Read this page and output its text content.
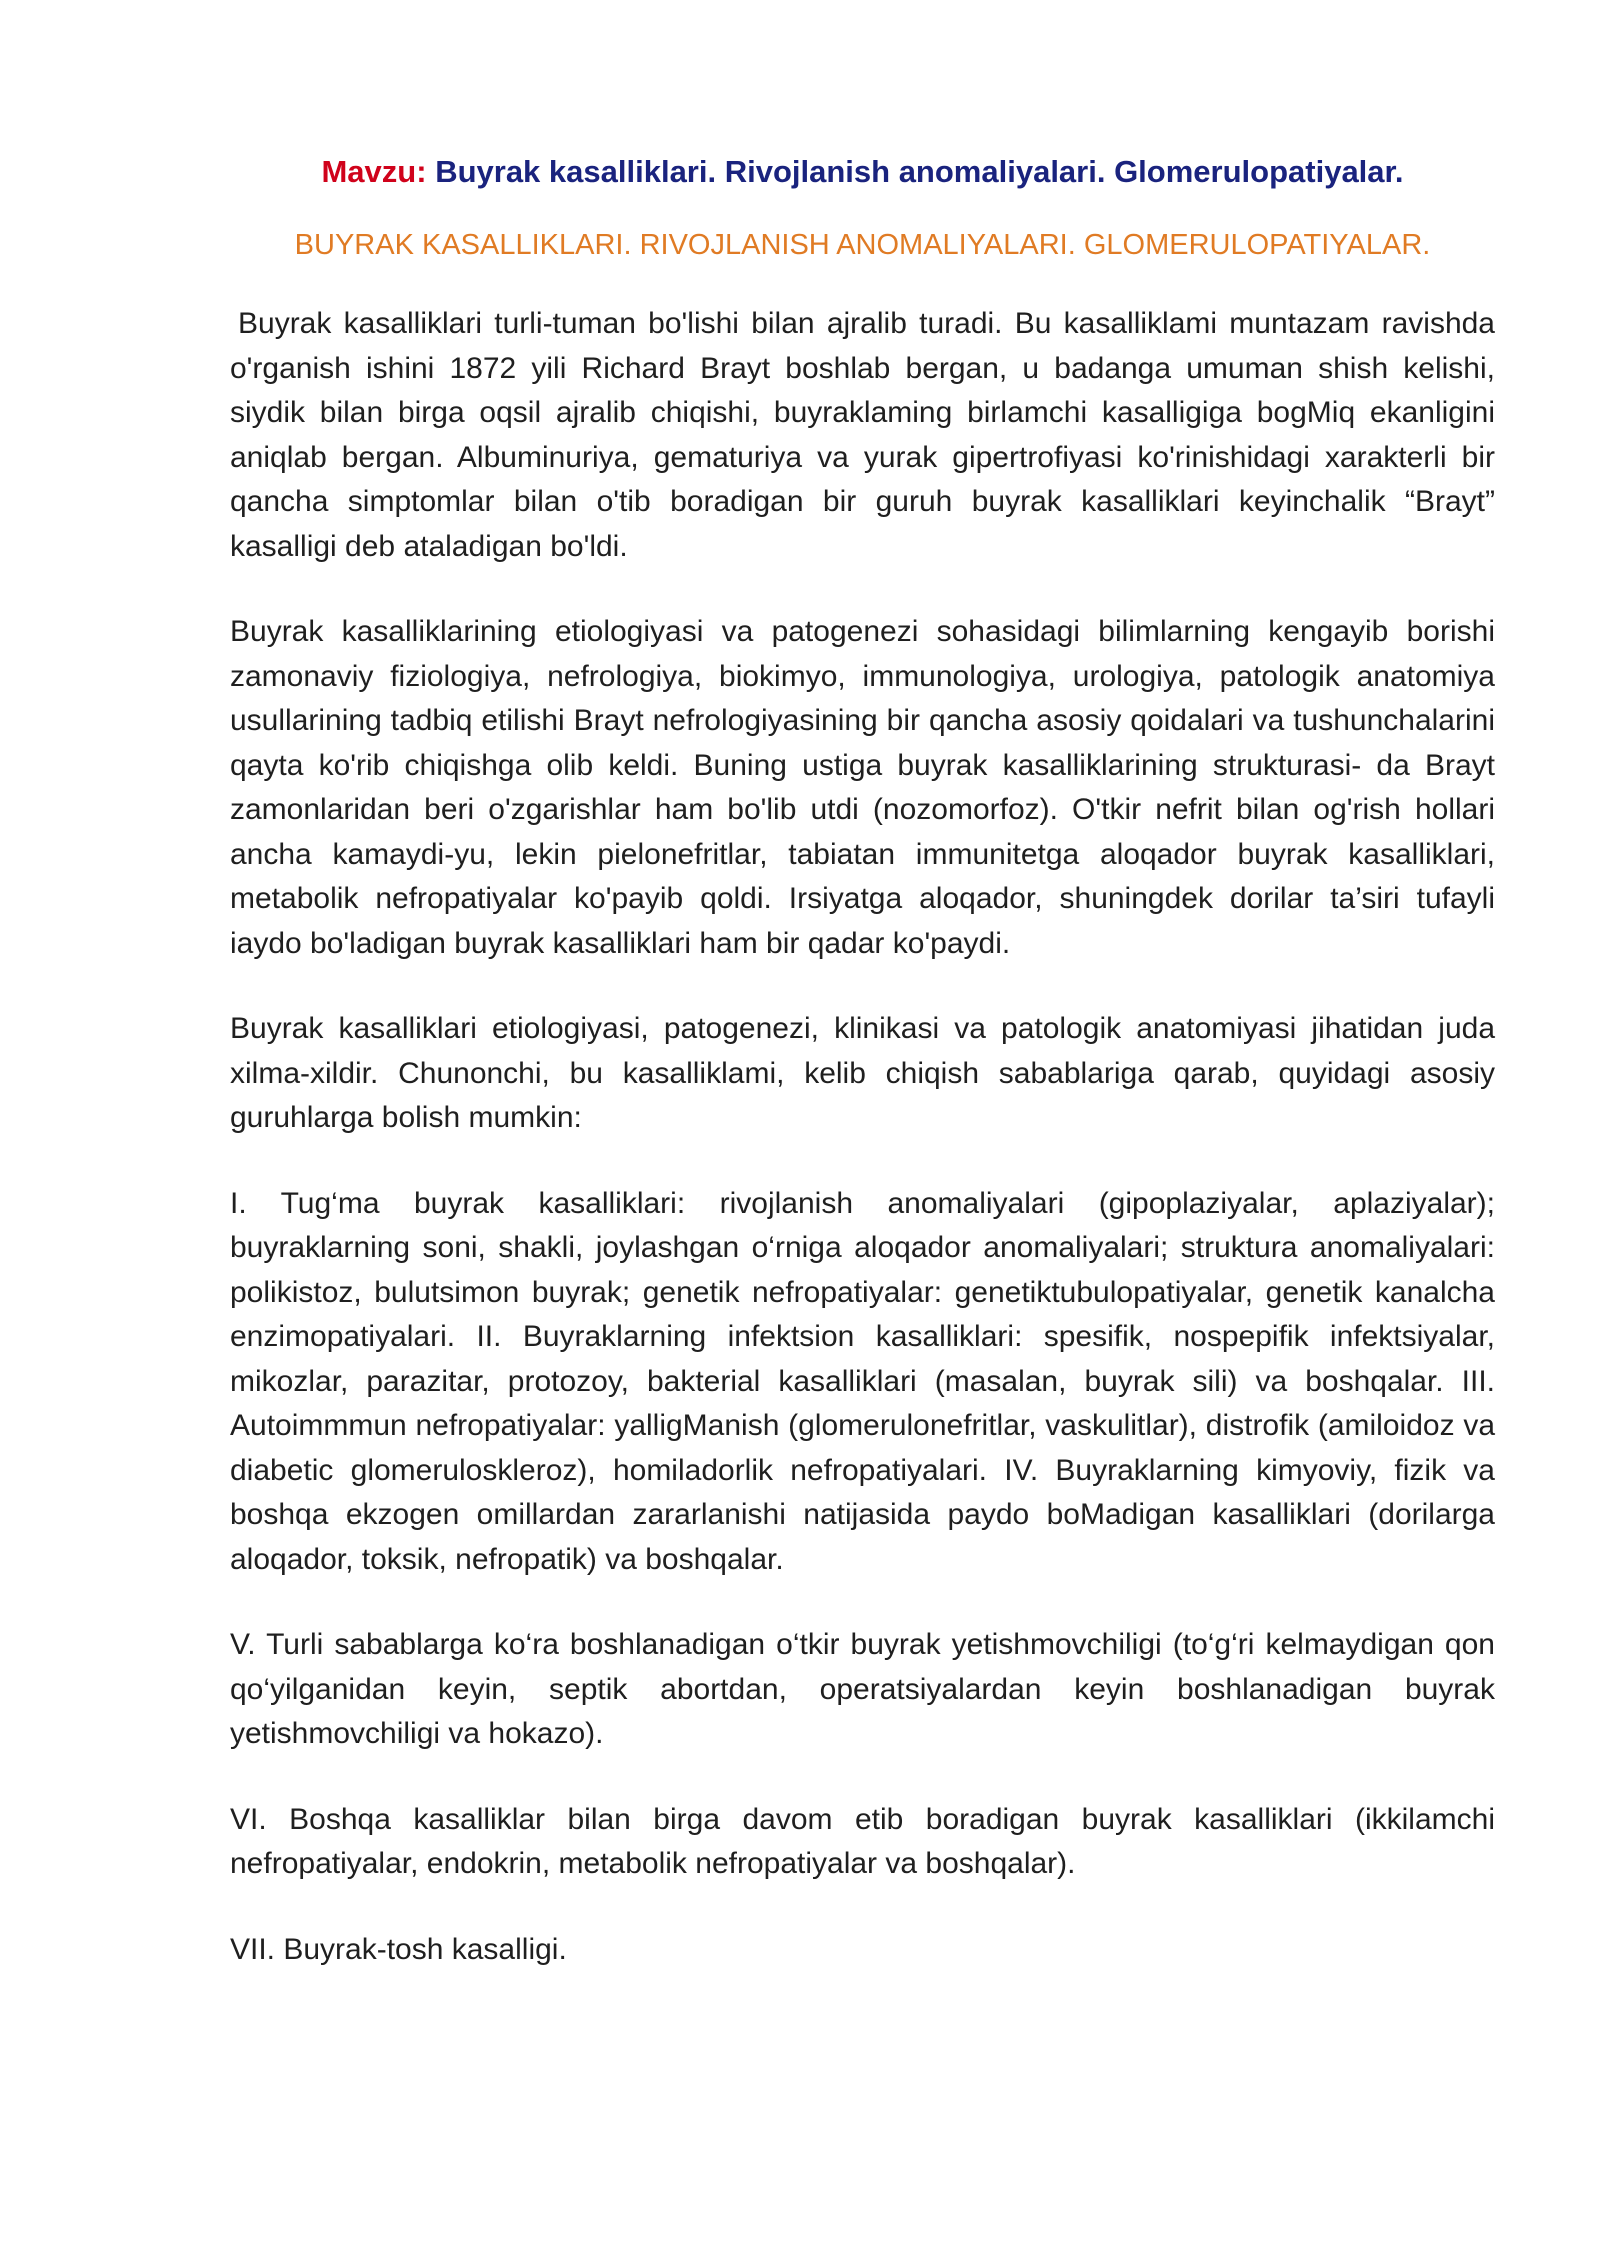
Mavzu: Buyrak kasalliklari. Rivojlanish anomaliyalari. Glomerulopatiyalar.

BUYRAK KASALLIKLARI. RIVOJLANISH ANOMALIYALARI. GLOMERULOPATIYALAR.

Buyrak kasalliklari turli-tuman bo'lishi bilan ajralib turadi. Bu kasalliklami muntazam ravishda o'rganish ishini 1872 yili Richard Brayt boshlab bergan, u badanga umuman shish kelishi, siydik bilan birga oqsil ajralib chiqishi, buyraklaming birlamchi kasalligiga bogMiq ekanligini aniqlab bergan. Albuminuriya, gematuriya va yurak gipertrofiyasi ko'rinishidagi xarakterli bir qancha simptomlar bilan o'tib boradigan bir guruh buyrak kasalliklari keyinchalik “Brayt” kasalligi deb ataladigan bo'ldi.

Buyrak kasalliklarining etiologiyasi va patogenezi sohasidagi bilimlarning kengayib borishi zamonaviy fiziologiya, nefrologiya, biokimyo, immunologiya, urologiya, patologik anatomiya usullarining tadbiq etilishi Brayt nefrologiyasining bir qancha asosiy qoidalari va tushunchalarini qayta ko'rib chiqishga olib keldi. Buning ustiga buyrak kasalliklarining strukturasi- da Brayt zamonlaridan beri o'zgarishlar ham bo'lib utdi (nozomorfoz). O'tkir nefrit bilan og'rish hollari ancha kamaydi-yu, lekin pielonefritlar, tabiatan immunitetga aloqador buyrak kasalliklari, metabolik nefropatiyalar ko'payib qoldi. Irsiyatga aloqador, shuningdek dorilar ta’siri tufayli iaydo bo'ladigan buyrak kasalliklari ham bir qadar ko'paydi.

Buyrak kasalliklari etiologiyasi, patogenezi, klinikasi va patologik anatomiyasi jihatidan juda xilma-xildir. Chunonchi, bu kasalliklami, kelib chiqish sabablariga qarab, quyidagi asosiy guruhlarga bolish mumkin:

I. Tug‘ma buyrak kasalliklari: rivojlanish anomaliyalari (gipoplaziyalar, aplaziyalar); buyraklarning soni, shakli, joylashgan o‘rniga aloqador anomaliyalari; struktura anomaliyalari: polikistoz, bulutsimon buyrak; genetik nefropatiyalar: genetiktubulopatiyalar, genetik kanalcha enzimopatiyalari. II. Buyraklarning infektsion kasalliklari: spesifik, nospepifik infektsiyalar, mikozlar, parazitar, protozoy, bakterial kasalliklari (masalan, buyrak sili) va boshqalar. III. Autoimmmun nefropatiyalar: yalligManish (glomerulonefritlar, vaskulitlar), distrofik (amiloidoz va diabetic glomeruloskleroz), homiladorlik nefropatiyalari. IV. Buyraklarning kimyoviy, fizik va boshqa ekzogen omillardan zararlanishi natijasida paydo boMadigan kasalliklari (dorilarga aloqador, toksik, nefropatik) va boshqalar.

V. Turli sabablarga ko‘ra boshlanadigan o‘tkir buyrak yetishmovchiligi (to‘g‘ri kelmaydigan qon qo‘yilganidan keyin, septik abortdan, operatsiyalardan keyin boshlanadigan buyrak yetishmovchiligi va hokazo).

VI. Boshqa kasalliklar bilan birga davom etib boradigan buyrak kasalliklari (ikkilamchi nefropatiyalar, endokrin, metabolik nefropatiyalar va boshqalar).

VII. Buyrak-tosh kasalligi.
